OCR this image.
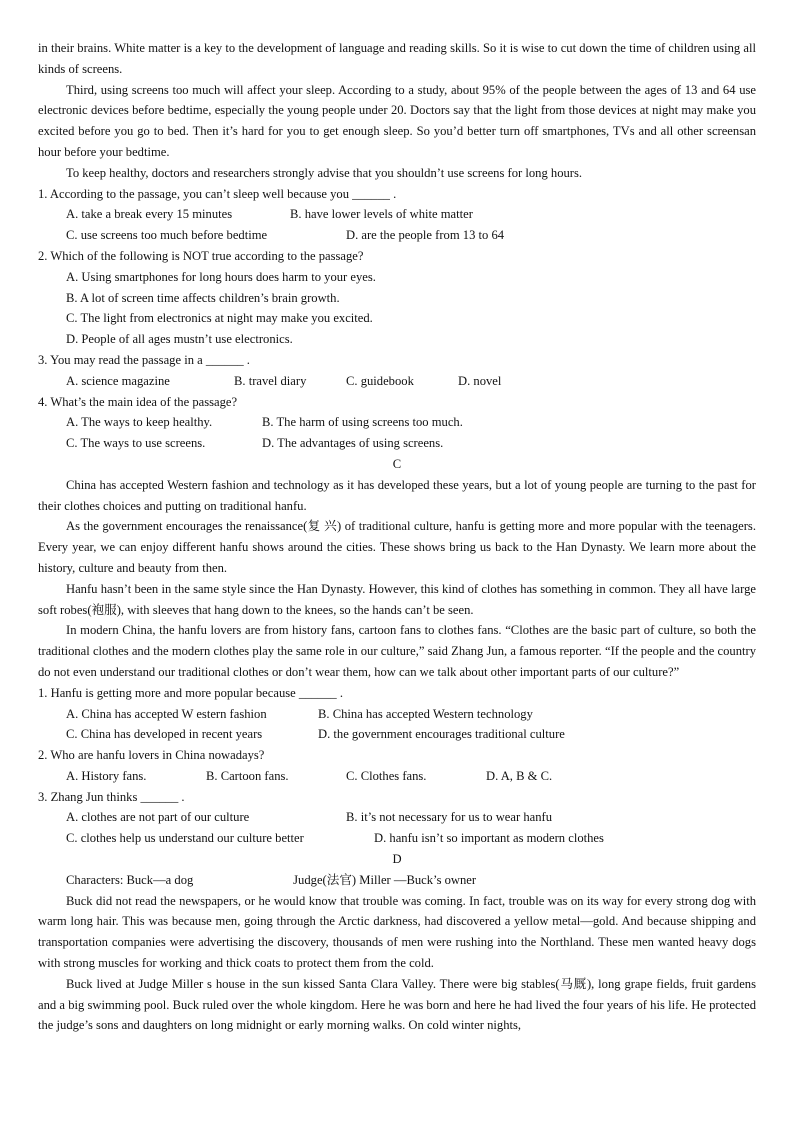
in their brains. White matter is a key to the development of language and reading skills. So it is wise to cut down the time of children using all kinds of screens.

Third, using screens too much will affect your sleep. According to a study, about 95% of the people between the ages of 13 and 64 use electronic devices before bedtime, especially the young people under 20. Doctors say that the light from those devices at night may make you excited before you go to bed. Then it’s hard for you to get enough sleep. So you’d better turn off smartphones, TVs and all other screensan hour before your bedtime.

To keep healthy, doctors and researchers strongly advise that you shouldn’t use screens for long hours.

1. According to the passage, you can’t sleep well because you ______ .

A. take a break every 15 minutes	B. have lower levels of white matter
C. use screens too much before bedtime	D. are the people from 13 to 64

2. Which of the following is NOT true according to the passage?

A. Using smartphones for long hours does harm to your eyes.
B. A lot of screen time affects children’s brain growth.
C. The light from electronics at night may make you excited.
D. People of all ages mustn’t use electronics.

3. You may read the passage in a ______ .

A. science magazine	B. travel diary	C. guidebook	D. novel

4. What’s the main idea of the passage?

A. The ways to keep healthy.	B. The harm of using screens too much.
C. The ways to use screens.	D. The advantages of using screens.

C

China has accepted Western fashion and technology as it has developed these years, but a lot of young people are turning to the past for their clothes choices and putting on traditional hanfu.

As the government encourages the renaissance(复 兴) of traditional culture, hanfu is getting more and more popular with the teenagers. Every year, we can enjoy different hanfu shows around the cities. These shows bring us back to the Han Dynasty. We learn more about the history, culture and beauty from then.

Hanfu hasn’t been in the same style since the Han Dynasty. However, this kind of clothes has something in common. They all have large soft robes(袍服), with sleeves that hang down to the knees, so the hands can’t be seen.

In modern China, the hanfu lovers are from history fans, cartoon fans to clothes fans. “Clothes are the basic part of culture, so both the traditional clothes and the modern clothes play the same role in our culture,” said Zhang Jun, a famous reporter. “If the people and the country do not even understand our traditional clothes or don’t wear them, how can we talk about other important parts of our culture?”

1. Hanfu is getting more and more popular because ______ .

A. China has accepted W estern fashion	B. China has accepted Western technology
C. China has developed in recent years	D. the government encourages traditional culture

2. Who are hanfu lovers in China nowadays?

A. History fans.	B. Cartoon fans.	C. Clothes fans.	D. A, B & C.

3. Zhang Jun thinks ______ .

A. clothes are not part of our culture	B. it’s not necessary for us to wear hanfu
C. clothes help us understand our culture better	D. hanfu isn’t so important as modern clothes

D

Characters: Buck—a dog	Judge(法官) Miller —Buck’s owner

Buck did not read the newspapers, or he would know that trouble was coming. In fact, trouble was on its way for every strong dog with warm long hair. This was because men, going through the Arctic darkness, had discovered a yellow metal—gold. And because shipping and transportation companies were advertising the discovery, thousands of men were rushing into the Northland. These men wanted heavy dogs with strong muscles for working and thick coats to protect them from the cold.

Buck lived at Judge Miller s house in the sun kissed Santa Clara Valley. There were big stables(马厩), long grape fields, fruit gardens and a big swimming pool. Buck ruled over the whole kingdom. Here he was born and here he had lived the four years of his life. He protected the judge’s sons and daughters on long midnight or early morning walks. On cold winter nights,
